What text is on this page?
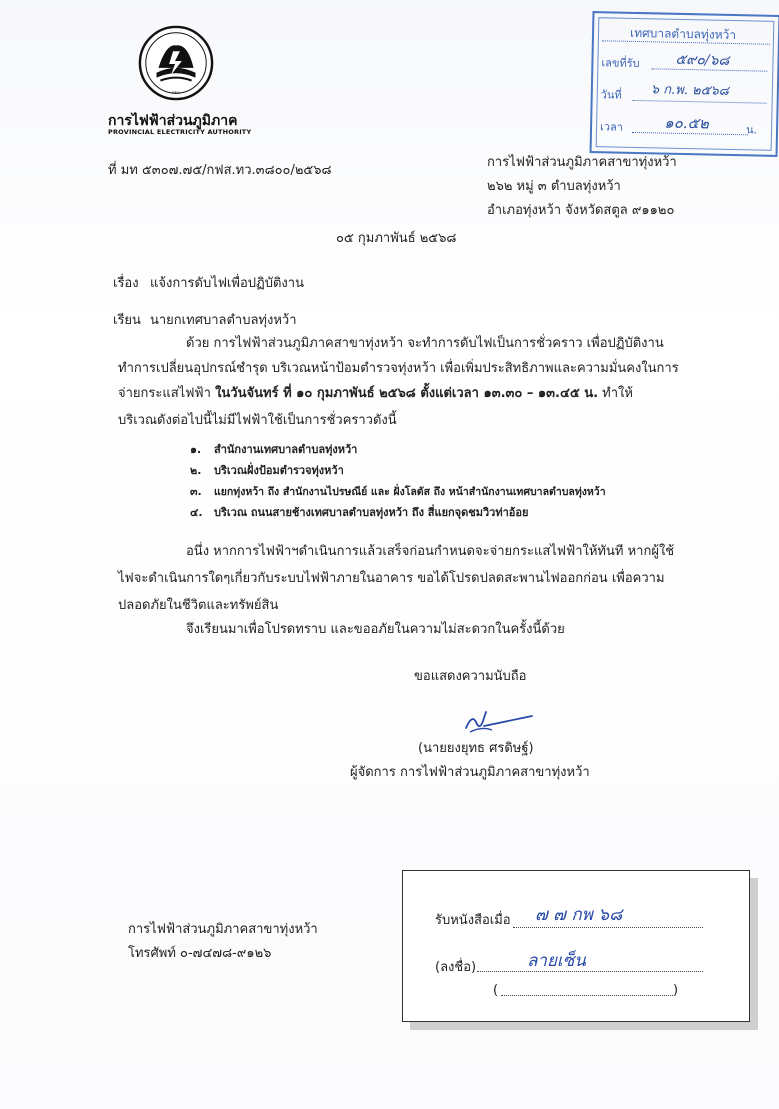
PEA
การไฟฟ้าส่วนภูมิภาค
PROVINCIAL ELECTRICITY AUTHORITY
เทศบาลตำบลทุ่งหว้า
เลขที่รับ	๕๙๐/๖๘
วันที่ ๖ ก.พ. ๒๕๖๘
เวลา	๑๐.๕๒	น.
ที่ มท ๕๓๐๗.๗๕/กฟส.ทว.๓๘๐๐/๒๕๖๘
การไฟฟ้าส่วนภูมิภาคสาขาทุ่งหว้า
๒๖๒ หมู่ ๓ ตำบลทุ่งหว้า
อำเภอทุ่งหว้า จังหวัดสตูล ๙๑๑๒๐
๐๕ กุมภาพันธ์ ๒๕๖๘
เรื่อง แจ้งการดับไฟเพื่อปฏิบัติงาน
เรียน นายกเทศบาลตำบลทุ่งหว้า
ด้วย การไฟฟ้าส่วนภูมิภาคสาขาทุ่งหว้า จะทำการดับไฟเป็นการชั่วคราว เพื่อปฏิบัติงาน
ทำการเปลี่ยนอุปกรณ์ชำรุด บริเวณหน้าป้อมตำรวจทุ่งหว้า เพื่อเพิ่มประสิทธิภาพและความมั่นคงในการ
จ่ายกระแสไฟฟ้า ในวันจันทร์ ที่ ๑๐ กุมภาพันธ์ ๒๕๖๘ ตั้งแต่เวลา ๑๓.๓๐ – ๑๓.๔๕ น. ทำให้
บริเวณดังต่อไปนี้ไม่มีไฟฟ้าใช้เป็นการชั่วคราวดังนี้
๑. สำนักงานเทศบาลตำบลทุ่งหว้า
๒. บริเวณฝั่งป้อมตำรวจทุ่งหว้า
๓. แยกทุ่งหว้า ถึง สำนักงานไปรษณีย์ และ ฝั่งโลตัส ถึง หน้าสำนักงานเทศบาลตำบลทุ่งหว้า
๔. บริเวณ ถนนสายช้างเทศบาลตำบลทุ่งหว้า ถึง สี่แยกจุดชมวิวท่าอ้อย
อนึ่ง หากการไฟฟ้าฯดำเนินการแล้วเสร็จก่อนกำหนดจะจ่ายกระแสไฟฟ้าให้ทันที หากผู้ใช้
ไฟจะดำเนินการใดๆเกี่ยวกับระบบไฟฟ้าภายในอาคาร ขอได้โปรดปลดสะพานไฟออกก่อน เพื่อความ
ปลอดภัยในชีวิตและทรัพย์สิน
จึงเรียนมาเพื่อโปรดทราบ และขออภัยในความไม่สะดวกในครั้งนี้ด้วย
ขอแสดงความนับถือ
(นายยงยุทธ ศรดิษฐ์)
ผู้จัดการ การไฟฟ้าส่วนภูมิภาคสาขาทุ่งหว้า
การไฟฟ้าส่วนภูมิภาคสาขาทุ่งหว้า
โทรศัพท์ ๐-๗๔๗๘-๙๑๒๖
รับหนังสือเมื่อ ๗ ๗ กพ ๖๘
(ลงชื่อ)	ลายเซ็น
(	)
